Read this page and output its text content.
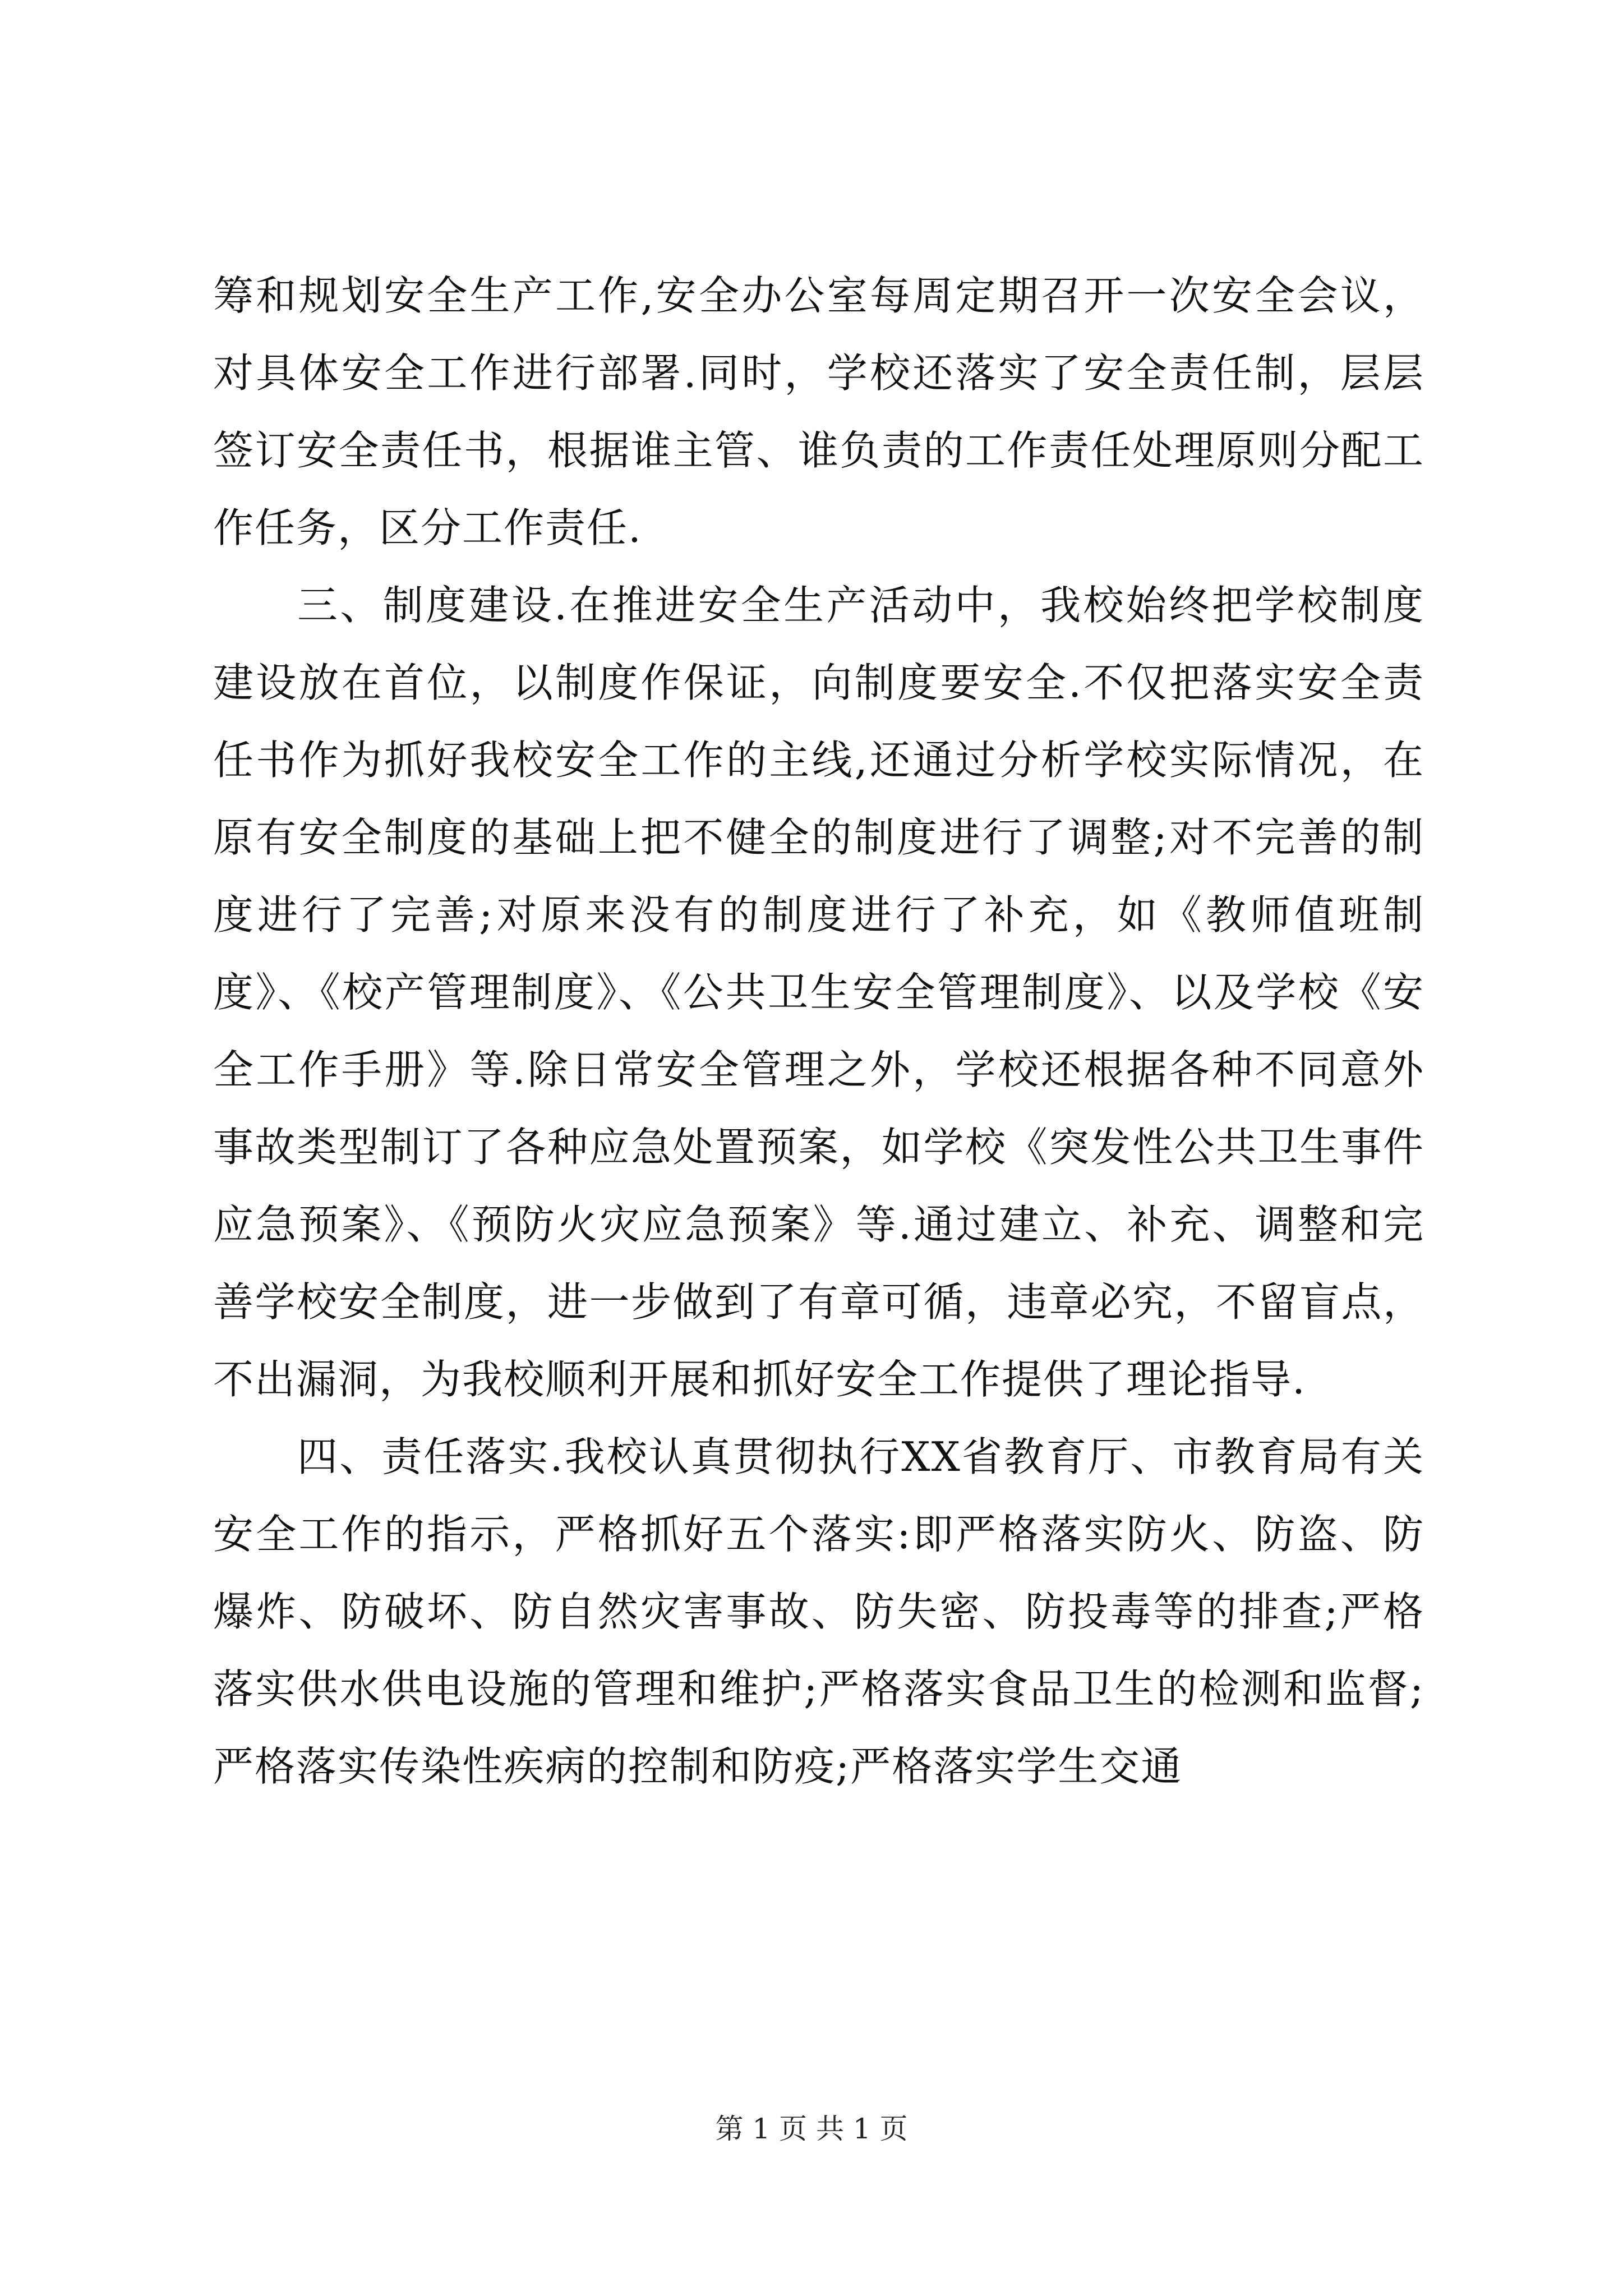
筹和规划安全生产工作,安全办公室每周定期召开一次安全会议，对具体安全工作进行部署.同时，学校还落实了安全责任制，层层签订安全责任书，根据谁主管、谁负责的工作责任处理原则分配工作任务，区分工作责任.

三、制度建设.在推进安全生产活动中，我校始终把学校制度建设放在首位，以制度作保证，向制度要安全.不仅把落实安全责任书作为抓好我校安全工作的主线,还通过分析学校实际情况，在原有安全制度的基础上把不健全的制度进行了调整;对不完善的制度进行了完善;对原来没有的制度进行了补充，如《教师值班制度》、《校产管理制度》、《公共卫生安全管理制度》、以及学校《安全工作手册》等.除日常安全管理之外，学校还根据各种不同意外事故类型制订了各种应急处置预案，如学校《突发性公共卫生事件应急预案》、《预防火灾应急预案》等.通过建立、补充、调整和完善学校安全制度，进一步做到了有章可循，违章必究，不留盲点，不出漏洞，为我校顺利开展和抓好安全工作提供了理论指导.

四、责任落实.我校认真贯彻执行XX省教育厅、市教育局有关安全工作的指示，严格抓好五个落实:即严格落实防火、防盗、防爆炸、防破坏、防自然灾害事故、防失密、防投毒等的排查;严格落实供水供电设施的管理和维护;严格落实食品卫生的检测和监督;严格落实传染性疾病的控制和防疫;严格落实学生交通

第 1 页 共 1 页
